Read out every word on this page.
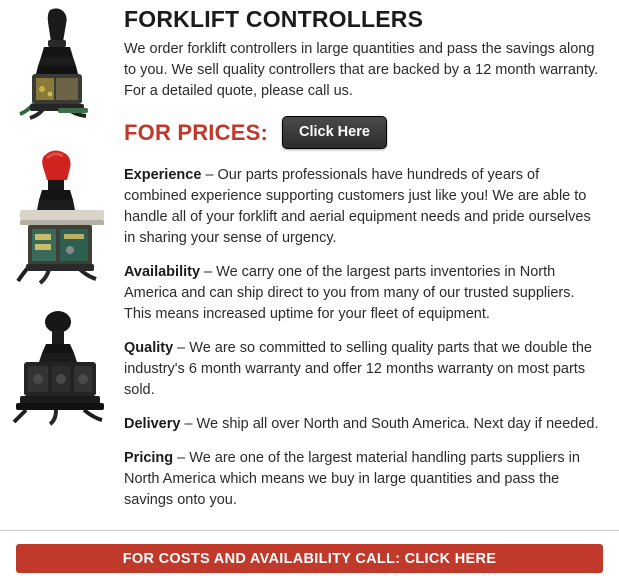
FORKLIFT CONTROLLERS

We order forklift controllers in large quantities and pass the savings along to you. We sell quality controllers that are backed by a 12 month warranty. For a detailed quote, please call us.

FOR PRICES:	Click Here

Experience – Our parts professionals have hundreds of years of combined experience supporting customers just like you! We are able to handle all of your forklift and aerial equipment needs and pride ourselves in sharing your sense of urgency.

Availability – We carry one of the largest parts inventories in North America and can ship direct to you from many of our trusted suppliers. This means increased uptime for your fleet of equipment.

Quality – We are so committed to selling quality parts that we double the industry's 6 month warranty and offer 12 months warranty on most parts sold.

Delivery – We ship all over North and South America. Next day if needed.

Pricing – We are one of the largest material handling parts suppliers in North America which means we buy in large quantities and pass the savings onto you.

FOR COSTS AND AVAILABILITY CALL: CLICK HERE
